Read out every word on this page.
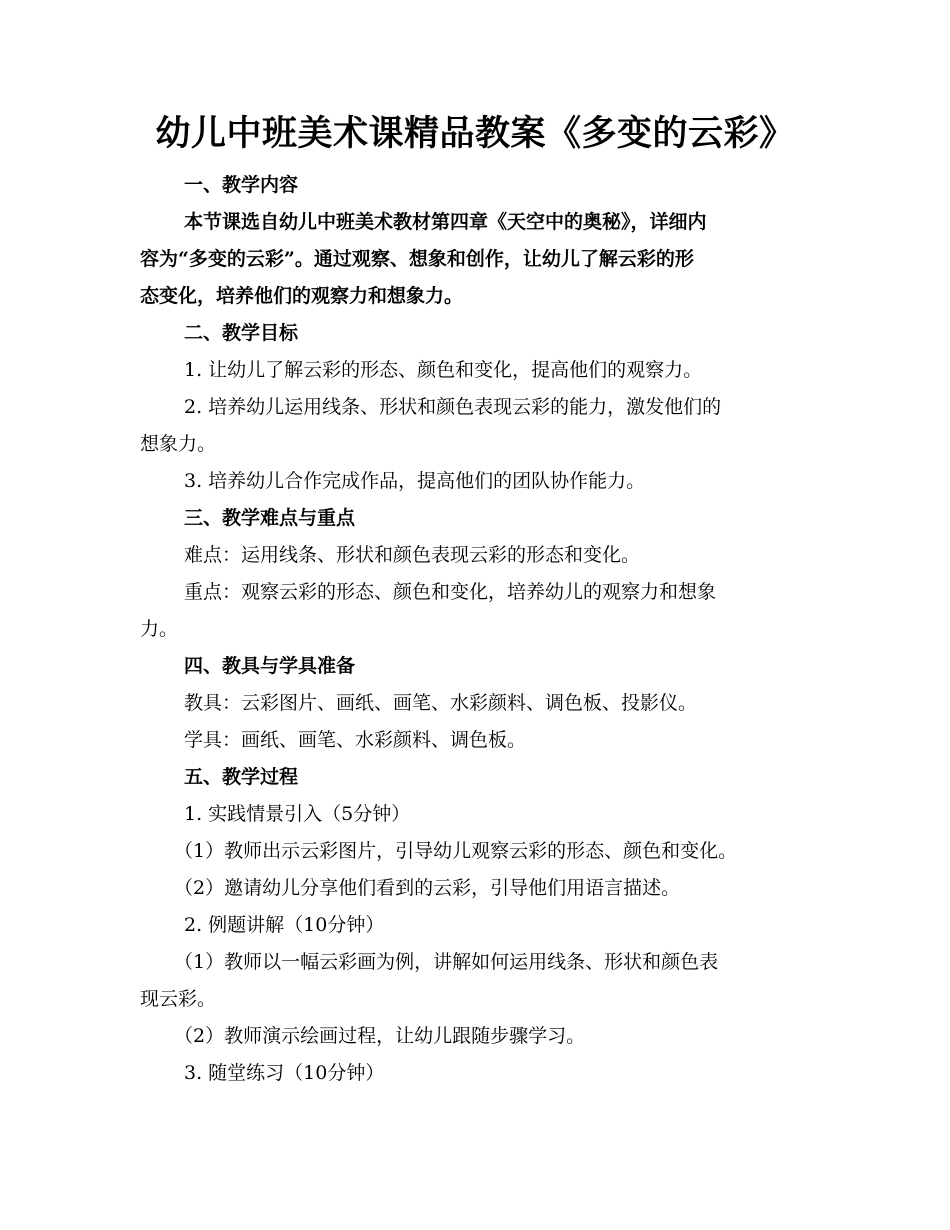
幼儿中班美术课精品教案《多变的云彩》
一、教学内容
本节课选自幼儿中班美术教材第四章《天空中的奥秘》，详细内
容为“多变的云彩”。通过观察、想象和创作，让幼儿了解云彩的形
态变化，培养他们的观察力和想象力。
二、教学目标
1. 让幼儿了解云彩的形态、颜色和变化，提高他们的观察力。
2. 培养幼儿运用线条、形状和颜色表现云彩的能力，激发他们的
想象力。
3. 培养幼儿合作完成作品，提高他们的团队协作能力。
三、教学难点与重点
难点：运用线条、形状和颜色表现云彩的形态和变化。
重点：观察云彩的形态、颜色和变化，培养幼儿的观察力和想象
力。
四、教具与学具准备
教具：云彩图片、画纸、画笔、水彩颜料、调色板、投影仪。
学具：画纸、画笔、水彩颜料、调色板。
五、教学过程
1. 实践情景引入（5分钟）
（1）教师出示云彩图片，引导幼儿观察云彩的形态、颜色和变化。
（2）邀请幼儿分享他们看到的云彩，引导他们用语言描述。
2. 例题讲解（10分钟）
（1）教师以一幅云彩画为例，讲解如何运用线条、形状和颜色表
现云彩。
（2）教师演示绘画过程，让幼儿跟随步骤学习。
3. 随堂练习（10分钟）
